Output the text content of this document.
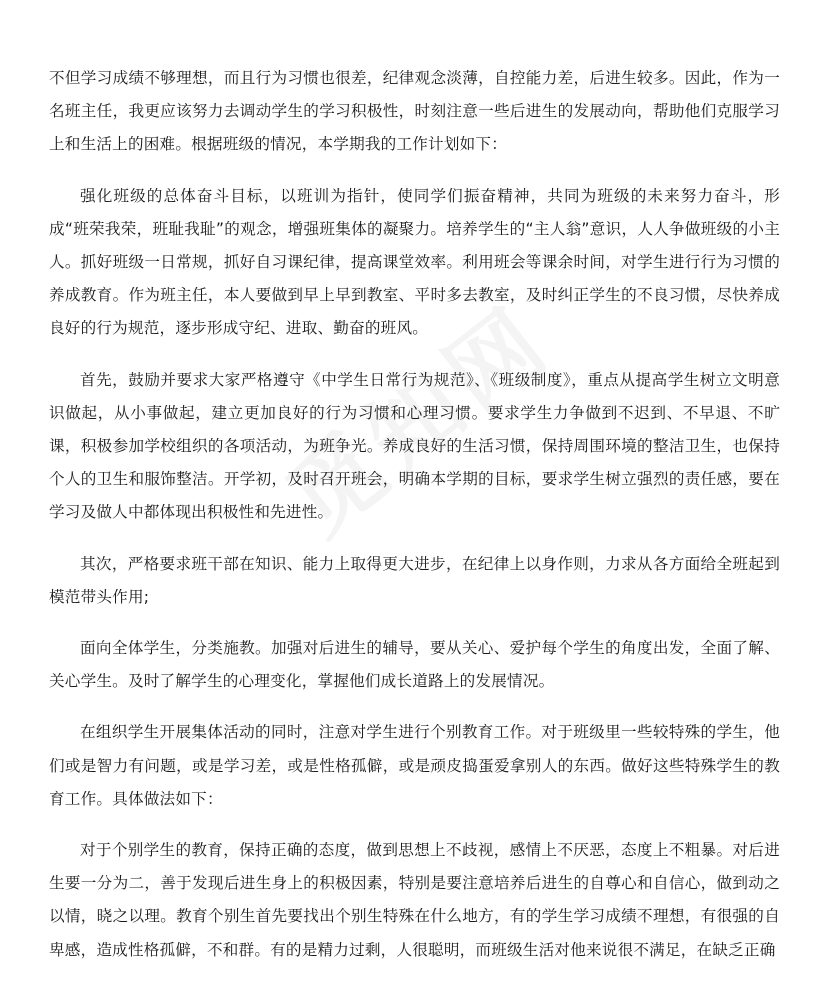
不但学习成绩不够理想，而且行为习惯也很差，纪律观念淡薄，自控能力差，后进生较多。因此，作为一名班主任，我更应该努力去调动学生的学习积极性，时刻注意一些后进生的发展动向，帮助他们克服学习上和生活上的困难。根据班级的情况，本学期我的工作计划如下：

强化班级的总体奋斗目标，以班训为指针，使同学们振奋精神，共同为班级的未来努力奋斗，形成“班荣我荣，班耻我耻”的观念，增强班集体的凝聚力。培养学生的“主人翁”意识，人人争做班级的小主人。抓好班级一日常规，抓好自习课纪律，提高课堂效率。利用班会等课余时间，对学生进行行为习惯的养成教育。作为班主任，本人要做到早上早到教室、平时多去教室，及时纠正学生的不良习惯，尽快养成良好的行为规范，逐步形成守纪、进取、勤奋的班风。

首先，鼓励并要求大家严格遵守《中学生日常行为规范》、《班级制度》，重点从提高学生树立文明意识做起，从小事做起，建立更加良好的行为习惯和心理习惯。要求学生力争做到不迟到、不早退、不旷课，积极参加学校组织的各项活动，为班争光。养成良好的生活习惯，保持周围环境的整洁卫生，也保持个人的卫生和服饰整洁。开学初，及时召开班会，明确本学期的目标，要求学生树立强烈的责任感，要在学习及做人中都体现出积极性和先进性。

其次，严格要求班干部在知识、能力上取得更大进步，在纪律上以身作则，力求从各方面给全班起到模范带头作用;

面向全体学生，分类施教。加强对后进生的辅导，要从关心、爱护每个学生的角度出发，全面了解、关心学生。及时了解学生的心理变化，掌握他们成长道路上的发展情况。

在组织学生开展集体活动的同时，注意对学生进行个别教育工作。对于班级里一些较特殊的学生，他们或是智力有问题，或是学习差，或是性格孤僻，或是顽皮捣蛋爱拿别人的东西。做好这些特殊学生的教育工作。具体做法如下：

对于个别学生的教育，保持正确的态度，做到思想上不歧视，感情上不厌恶，态度上不粗暴。对后进生要一分为二，善于发现后进生身上的积极因素，特别是要注意培养后进生的自尊心和自信心，做到动之以情，晓之以理。教育个别生首先要找出个别生特殊在什么地方，有的学生学习成绩不理想，有很强的自卑感，造成性格孤僻，不和群。有的是精力过剩，人很聪明，而班级生活对他来说很不满足，在缺乏正确
